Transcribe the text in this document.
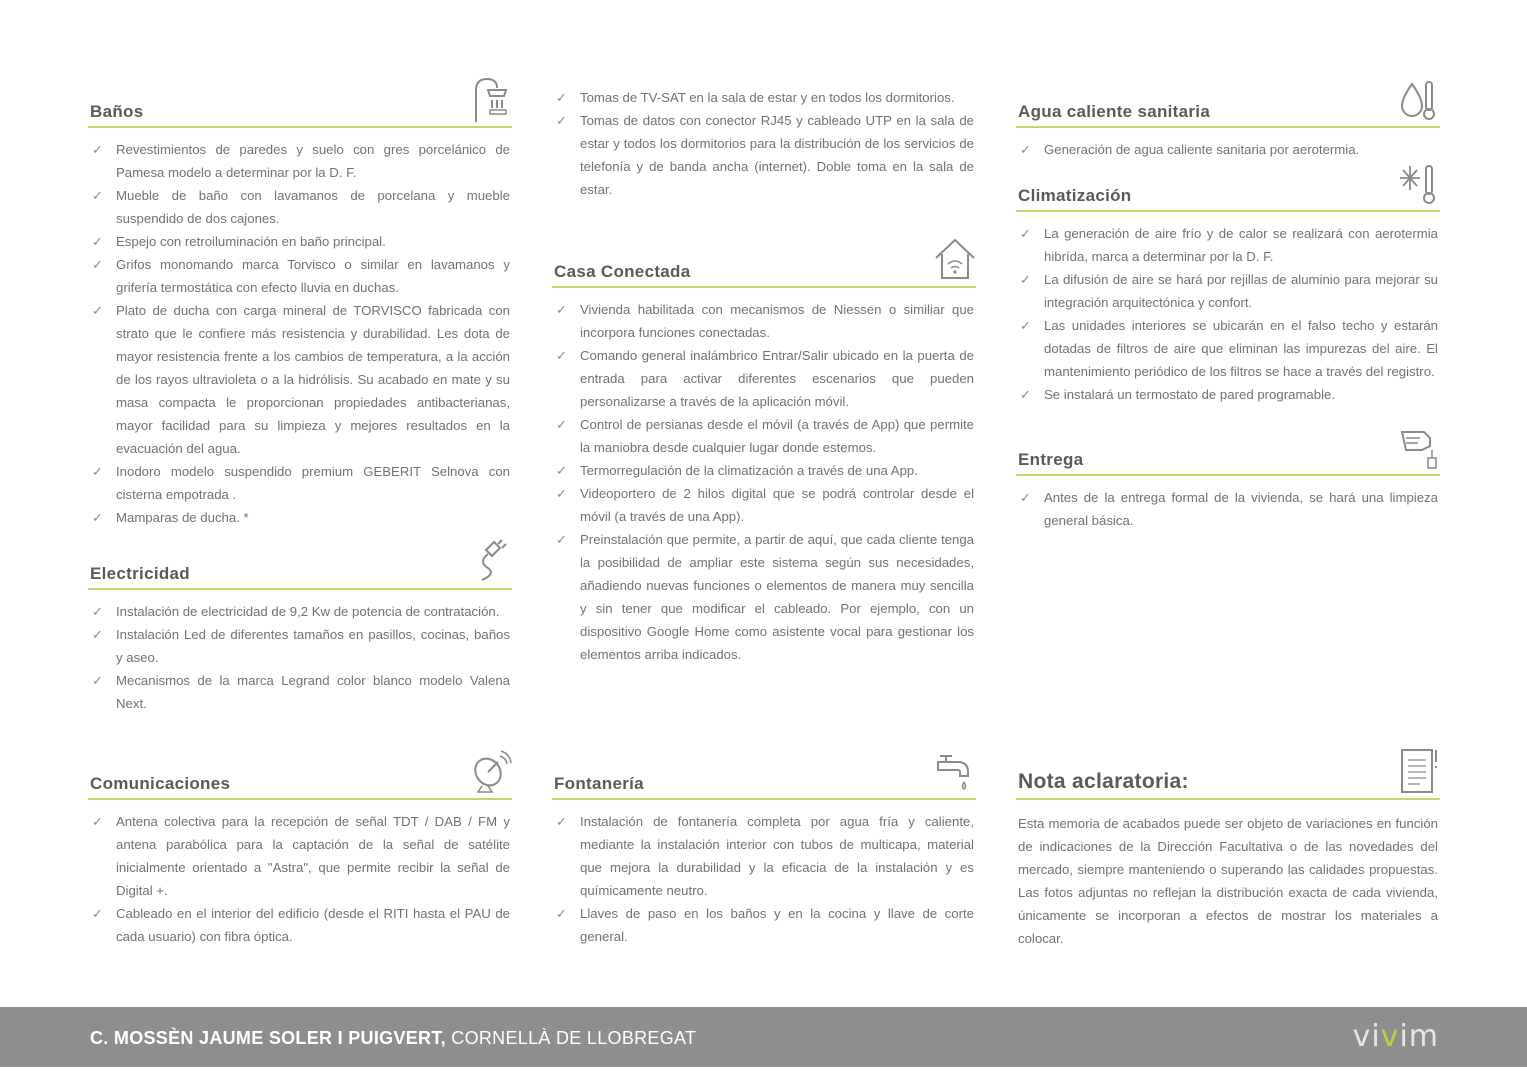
Baños
✓ Revestimientos de paredes y suelo con gres porcelánico de Pamesa modelo a determinar por la D. F.
✓ Mueble de baño con lavamanos de porcelana y mueble suspendido de dos cajones.
✓ Espejo con retroiluminación en baño principal.
✓ Grifos monomando marca Torvisco o similar en lavamanos y grifería termostática con efecto lluvia en duchas.
✓ Plato de ducha con carga mineral de TORVISCO fabricada con strato que le confiere más resistencia y durabilidad. Les dota de mayor resistencia frente a los cambios de temperatura, a la acción de los rayos ultravioleta o a la hidrólisis. Su acabado en mate y su masa compacta le proporcionan propiedades antibacterianas, mayor facilidad para su limpieza y mejores resultados en la evacuación del agua.
✓ Inodoro modelo suspendido premium GEBERIT Selnova con cisterna empotrada .
✓ Mamparas de ducha. *
Electricidad
✓ Instalación de electricidad de 9,2 Kw de potencia de contratación.
✓ Instalación Led de diferentes tamaños en pasillos, cocinas, baños y aseo.
✓ Mecanismos de la marca Legrand color blanco modelo Valena Next.
Comunicaciones
✓ Antena colectiva para la recepción de señal TDT / DAB / FM y antena parabólica para la captación de la señal de satélite inicialmente orientado a "Astra", que permite recibir la señal de Digital +.
✓ Cableado en el interior del edificio (desde el RITI hasta el PAU de cada usuario) con fibra óptica.
✓ Tomas de TV-SAT en la sala de estar y en todos los dormitorios.
✓ Tomas de datos con conector RJ45 y cableado UTP en la sala de estar y todos los dormitorios para la distribución de los servicios de telefonía y de banda ancha (internet). Doble toma en la sala de estar.
Casa Conectada
✓ Vivienda habilitada con mecanismos de Niessen o similiar que incorpora funciones conectadas.
✓ Comando general inalámbrico Entrar/Salir ubicado en la puerta de entrada para activar diferentes escenarios que pueden personalizarse a través de la aplicación móvil.
✓ Control de persianas desde el móvil (a través de App) que permite la maniobra desde cualquier lugar donde estemos.
✓ Termorregulación de la climatización a través de una App.
✓ Videoportero de 2 hilos digital que se podrá controlar desde el móvil (a través de una App).
✓ Preinstalación que permite, a partir de aquí, que cada cliente tenga la posibilidad de ampliar este sistema según sus necesidades, añadiendo nuevas funciones o elementos de manera muy sencilla y sin tener que modificar el cableado. Por ejemplo, con un dispositivo Google Home como asistente vocal para gestionar los elementos arriba indicados.
Fontanería
✓ Instalación de fontanería completa por agua fría y caliente, mediante la instalación interior con tubos de multicapa, material que mejora la durabilidad y la eficacia de la instalación y es químicamente neutro.
✓ Llaves de paso en los baños y en la cocina y llave de corte general.
Agua caliente sanitaria
✓ Generación de agua caliente sanitaria por aerotermia.
Climatización
✓ La generación de aire frío y de calor se realizará con aerotermia hibrída, marca a determinar por la D. F.
✓ La difusión de aire se hará por rejillas de aluminio para mejorar su integración arquitectónica y confort.
✓ Las unidades interiores se ubicarán en el falso techo y estarán dotadas de filtros de aire que eliminan las impurezas del aire. El mantenimiento periódico de los filtros se hace a través del registro.
✓ Se instalará un termostato de pared programable.
Entrega
✓ Antes de la entrega formal de la vivienda, se hará una limpieza general básica.
Nota aclaratoria:

Esta memoria de acabados puede ser objeto de variaciones en función de indicaciones de la Dirección Facultativa o de las novedades del mercado, siempre manteniendo o superando las calidades propuestas. Las fotos adjuntas no reflejan la distribución exacta de cada vivienda, únicamente se incorporan a efectos de mostrar los materiales a colocar.

C. MOSSÈN JAUME SOLER I PUIGVERT, CORNELLÀ DE LLOBREGAT	vivim
